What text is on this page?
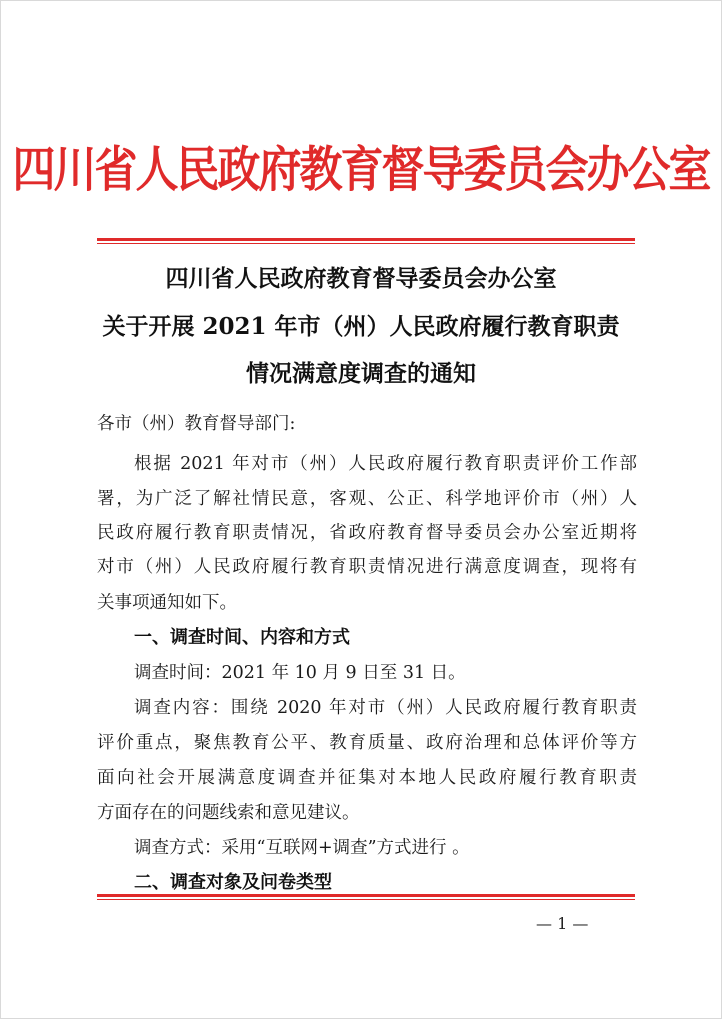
四川省人民政府教育督导委员会办公室
四川省人民政府教育督导委员会办公室
关于开展 2021 年市（州）人民政府履行教育职责
情况满意度调查的通知
各市（州）教育督导部门:
根据 2021 年对市（州）人民政府履行教育职责评价工作部
署，为广泛了解社情民意，客观、公正、科学地评价市（州）人
民政府履行教育职责情况，省政府教育督导委员会办公室近期将
对市（州）人民政府履行教育职责情况进行满意度调查，现将有
关事项通知如下。
一、调查时间、内容和方式
调查时间：2021 年 10 月 9 日至 31 日。
调查内容：围绕 2020 年对市（州）人民政府履行教育职责
评价重点，聚焦教育公平、教育质量、政府治理和总体评价等方
面向社会开展满意度调查并征集对本地人民政府履行教育职责
方面存在的问题线索和意见建议。
调查方式：采用“互联网+调查”方式进行 。
二、调查对象及问卷类型
— 1 —
